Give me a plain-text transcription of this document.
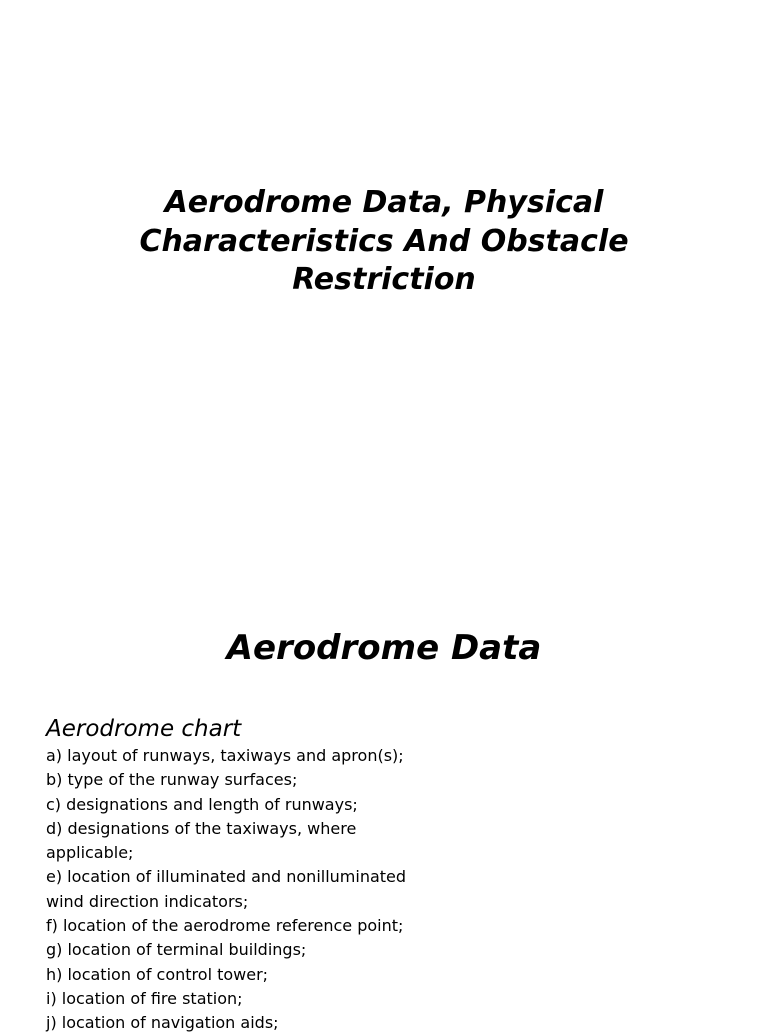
Aerodrome Data, Physical Characteristics And Obstacle Restriction
Aerodrome Data
Aerodrome chart
a) layout of runways, taxiways and apron(s);
b) type of the runway surfaces;
c) designations and length of runways;
d) designations of the taxiways, where applicable;
e) location of illuminated and nonilluminated wind direction indicators;
f) location of the aerodrome reference point;
g) location of terminal buildings;
h) location of control tower;
i) location of fire station;
j) location of navigation aids;
